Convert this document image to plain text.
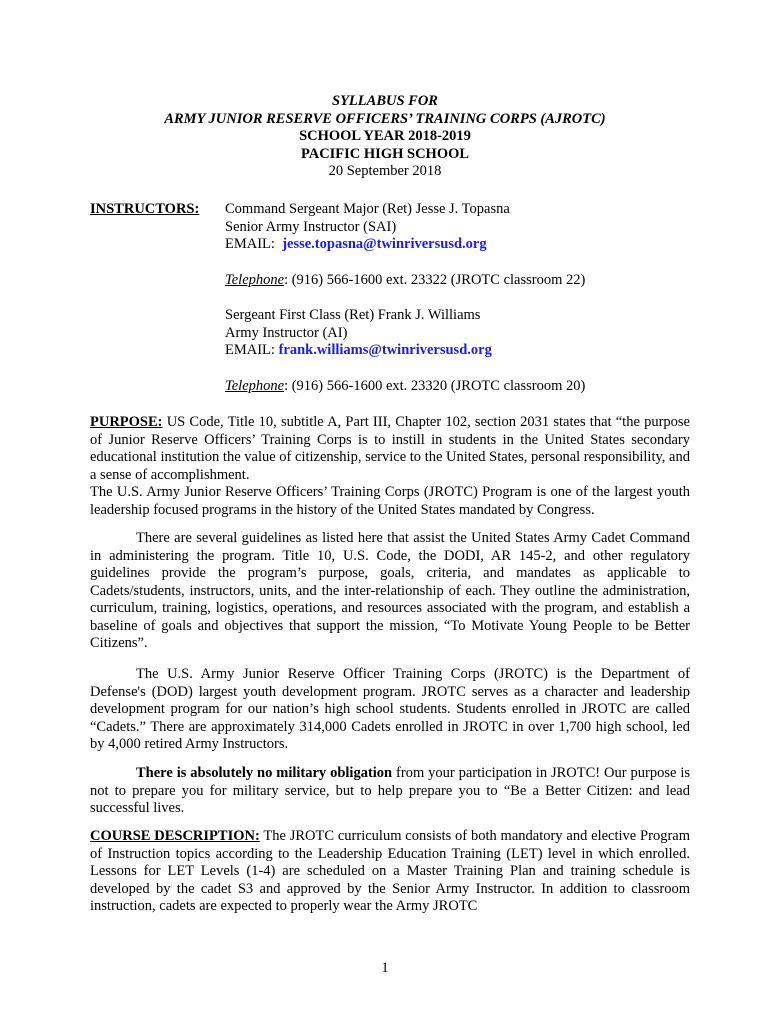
SYLLABUS FOR
ARMY JUNIOR RESERVE OFFICERS’ TRAINING CORPS (AJROTC)
SCHOOL YEAR 2018-2019
PACIFIC HIGH SCHOOL
20 September 2018
INSTRUCTORS: Command Sergeant Major (Ret) Jesse J. Topasna
Senior Army Instructor (SAI)
EMAIL: jesse.topasna@twinriversusd.org
Telephone: (916) 566-1600 ext. 23322 (JROTC classroom 22)
Sergeant First Class (Ret) Frank J. Williams
Army Instructor (AI)
EMAIL: frank.williams@twinriversusd.org
Telephone: (916) 566-1600 ext. 23320 (JROTC classroom 20)

PURPOSE: US Code, Title 10, subtitle A, Part III, Chapter 102, section 2031 states that “the purpose of Junior Reserve Officers’ Training Corps is to instill in students in the United States secondary educational institution the value of citizenship, service to the United States, personal responsibility, and a sense of accomplishment.

The U.S. Army Junior Reserve Officers’ Training Corps (JROTC) Program is one of the largest youth leadership focused programs in the history of the United States mandated by Congress.

There are several guidelines as listed here that assist the United States Army Cadet Command in administering the program. Title 10, U.S. Code, the DODI, AR 145-2, and other regulatory guidelines provide the program’s purpose, goals, criteria, and mandates as applicable to Cadets/students, instructors, units, and the inter-relationship of each. They outline the administration, curriculum, training, logistics, operations, and resources associated with the program, and establish a baseline of goals and objectives that support the mission, “To Motivate Young People to be Better Citizens”.

The U.S. Army Junior Reserve Officer Training Corps (JROTC) is the Department of Defense's (DOD) largest youth development program. JROTC serves as a character and leadership development program for our nation’s high school students. Students enrolled in JROTC are called “Cadets.” There are approximately 314,000 Cadets enrolled in JROTC in over 1,700 high school, led by 4,000 retired Army Instructors.

There is absolutely no military obligation from your participation in JROTC! Our purpose is not to prepare you for military service, but to help prepare you to “Be a Better Citizen: and lead successful lives.

COURSE DESCRIPTION: The JROTC curriculum consists of both mandatory and elective Program of Instruction topics according to the Leadership Education Training (LET) level in which enrolled. Lessons for LET Levels (1-4) are scheduled on a Master Training Plan and training schedule is developed by the cadet S3 and approved by the Senior Army Instructor. In addition to classroom instruction, cadets are expected to properly wear the Army JROTC

1
